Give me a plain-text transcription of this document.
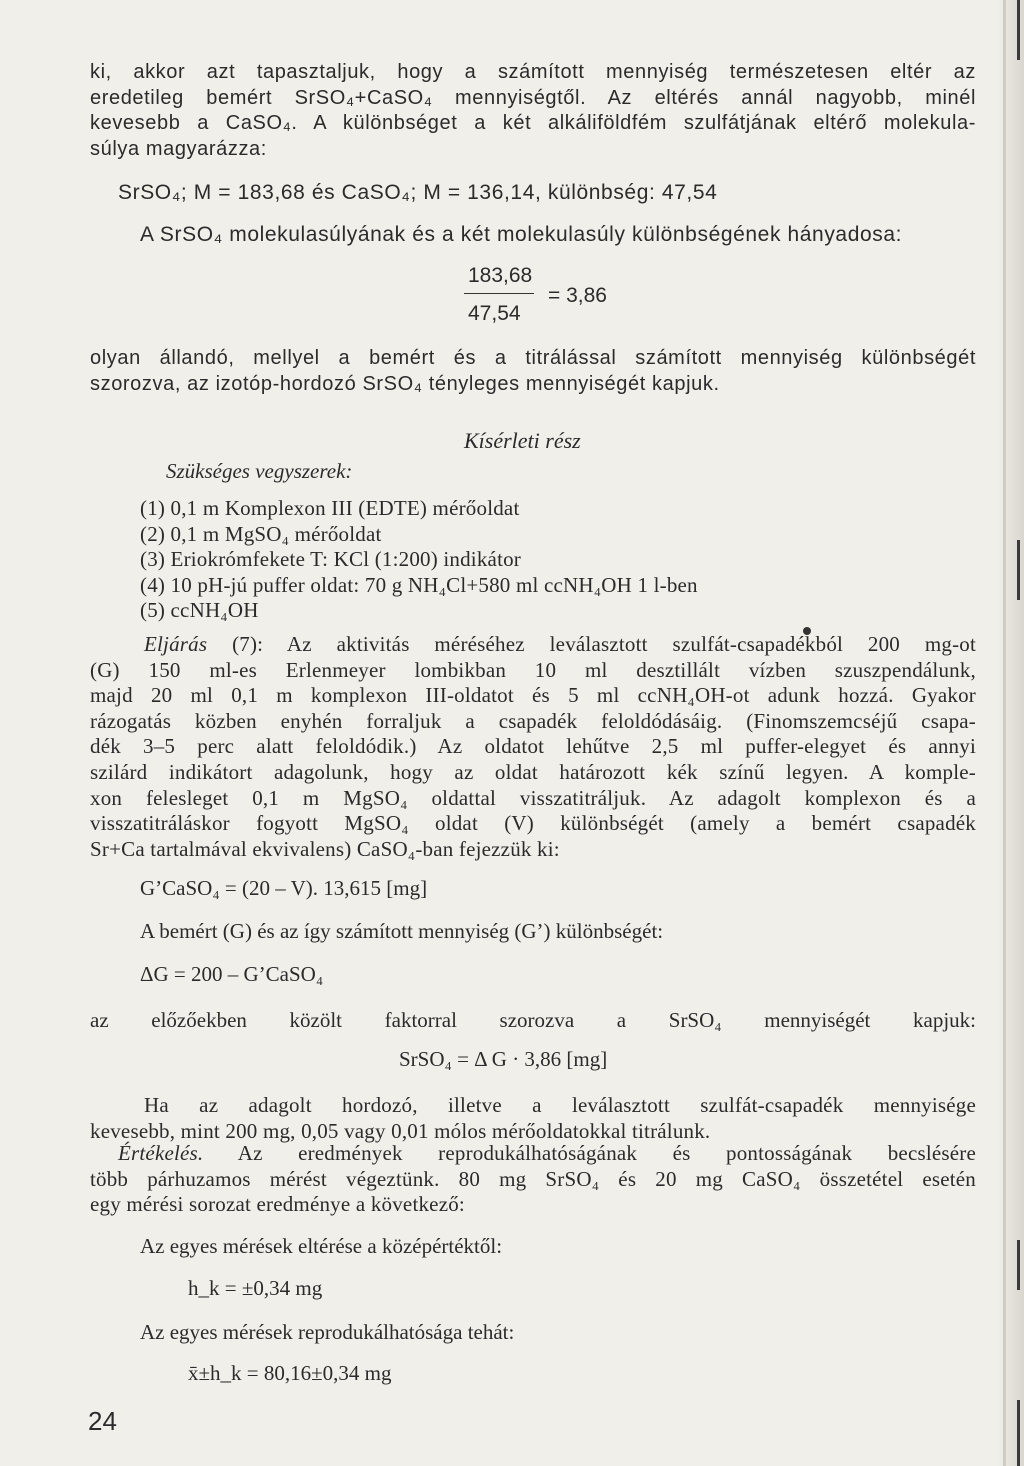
ki, akkor azt tapasztaljuk, hogy a számított mennyiség természetesen eltér az
eredetileg bemért SrSO₄+CaSO₄ mennyiségtől. Az eltérés annál nagyobb, minél
kevesebb a CaSO₄. A különbséget a két alkáliföldfém szulfátjának eltérő molekula-
súlya magyarázza:
SrSO₄; M = 183,68 és CaSO₄; M = 136,14, különbség: 47,54
A SrSO₄ molekulasúlyának és a két molekulasúly különbségének hányadosa:
183,68
47,54
= 3,86
olyan állandó, mellyel a bemért és a titrálással számított mennyiség különbségét
szorozva, az izotóp-hordozó SrSO₄ tényleges mennyiségét kapjuk.
Kísérleti rész
Szükséges vegyszerek:
(1) 0,1 m Komplexon III (EDTE) mérőoldat
(2) 0,1 m MgSO₄ mérőoldat
(3) Eriokrómfekete T: KCl (1:200) indikátor
(4) 10 pH-jú puffer oldat: 70 g NH₄Cl+580 ml ccNH₄OH 1 l-ben
(5) ccNH₄OH
Eljárás (7): Az aktivitás méréséhez leválasztott szulfát-csapadékból 200 mg-ot
(G) 150 ml-es Erlenmeyer lombikban 10 ml desztillált vízben szuszpendálunk,
majd 20 ml 0,1 m komplexon III-oldatot és 5 ml ccNH₄OH-ot adunk hozzá. Gyakor
rázogatás közben enyhén forraljuk a csapadék feloldódásáig. (Finomszemcséjű csapa-
dék 3–5 perc alatt feloldódik.) Az oldatot lehűtve 2,5 ml puffer-elegyet és annyi
szilárd indikátort adagolunk, hogy az oldat határozott kék színű legyen. A komple-
xon felesleget 0,1 m MgSO₄ oldattal visszatitráljuk. Az adagolt komplexon és a
visszatitráláskor fogyott MgSO₄ oldat (V) különbségét (amely a bemért csapadék
Sr+Ca tartalmával ekvivalens) CaSO₄-ban fejezzük ki:
G’CaSO₄ = (20 – V). 13,615 [mg]
A bemért (G) és az így számított mennyiség (G’) különbségét:
ΔG = 200 – G’CaSO₄
az előzőekben közölt faktorral szorozva a SrSO₄ mennyiségét kapjuk:
SrSO₄ = Δ G · 3,86 [mg]
Ha az adagolt hordozó, illetve a leválasztott szulfát-csapadék mennyisége
kevesebb, mint 200 mg, 0,05 vagy 0,01 mólos mérőoldatokkal titrálunk.
Értékelés. Az eredmények reprodukálhatóságának és pontosságának becslésére
több párhuzamos mérést végeztünk. 80 mg SrSO₄ és 20 mg CaSO₄ összetétel esetén
egy mérési sorozat eredménye a következő:
Az egyes mérések eltérése a középértéktől:
h_k = ±0,34 mg
Az egyes mérések reprodukálhatósága tehát:
x̄±h_k = 80,16±0,34 mg
24
